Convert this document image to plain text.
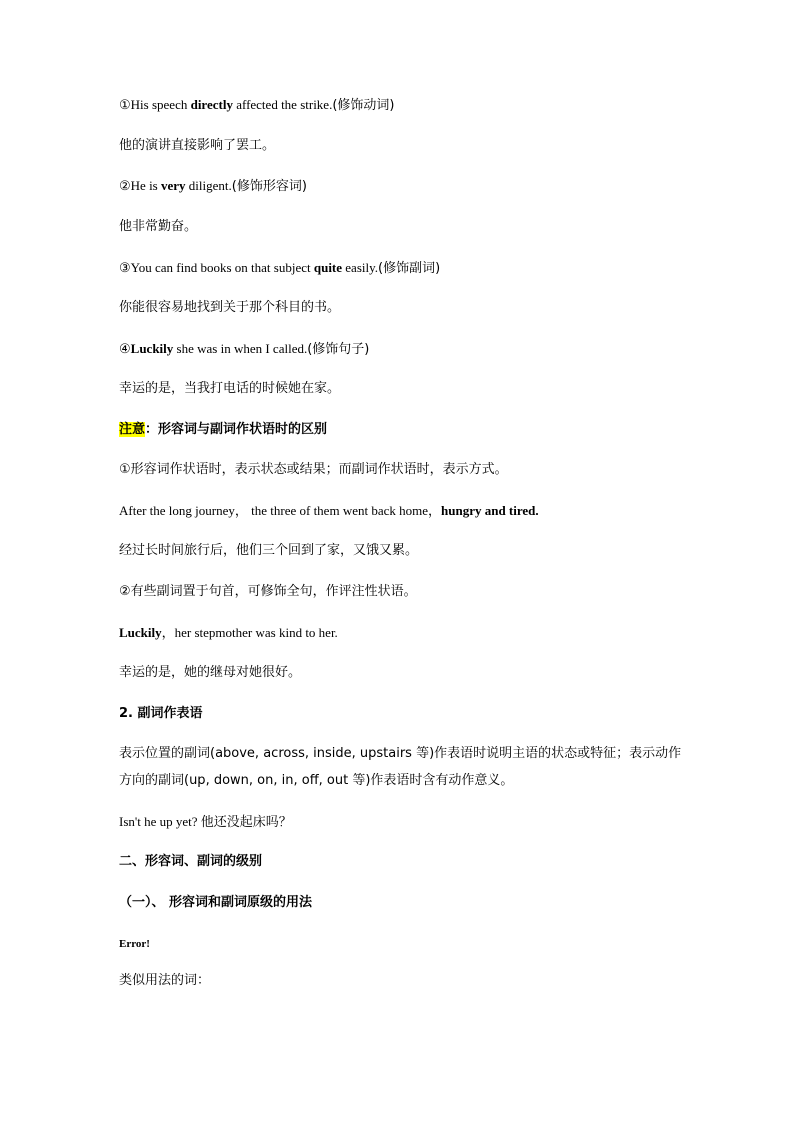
①His speech directly affected the strike.(修饰动词)
他的演讲直接影响了罢工。
②He is very diligent.(修饰形容词)
他非常勤奋。
③You can find books on that subject quite easily.(修饰副词)
你能很容易地找到关于那个科目的书。
④Luckily she was in when I called.(修饰句子)
幸运的是，当我打电话的时候她在家。
注意：形容词与副词作状语时的区别
①形容词作状语时，表示状态或结果；而副词作状语时，表示方式。
After the long journey， the three of them went back home，hungry and tired.
经过长时间旅行后，他们三个回到了家，又饿又累。
②有些副词置于句首，可修饰全句，作评注性状语。
Luckily，her stepmother was kind to her.
幸运的是，她的继母对她很好。
2. 副词作表语
表示位置的副词(above, across, inside, upstairs 等)作表语时说明主语的状态或特征；表示动作
方向的副词(up, down, on, in, off, out 等)作表语时含有动作意义。
Isn't he up yet? 他还没起床吗？
二、形容词、副词的级别
（一）、 形容词和副词原级的用法
Error!
类似用法的词：
